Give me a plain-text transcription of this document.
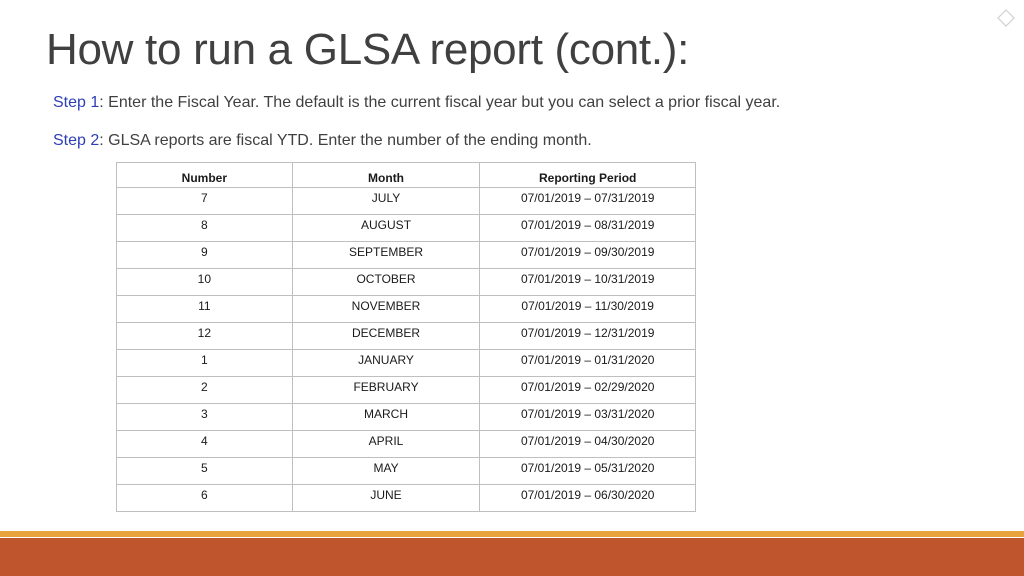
How to run a GLSA report (cont.):
Step 1: Enter the Fiscal Year. The default is the current fiscal year but you can select a prior fiscal year.
Step 2: GLSA reports are fiscal YTD. Enter the number of the ending month.
Number	Month	Reporting Period
7	JULY	07/01/2019 – 07/31/2019
8	AUGUST	07/01/2019 – 08/31/2019
9	SEPTEMBER	07/01/2019 – 09/30/2019
10	OCTOBER	07/01/2019 – 10/31/2019
11	NOVEMBER	07/01/2019 – 11/30/2019
12	DECEMBER	07/01/2019 – 12/31/2019
1	JANUARY	07/01/2019 – 01/31/2020
2	FEBRUARY	07/01/2019 – 02/29/2020
3	MARCH	07/01/2019 – 03/31/2020
4	APRIL	07/01/2019 – 04/30/2020
5	MAY	07/01/2019 – 05/31/2020
6	JUNE	07/01/2019 – 06/30/2020
